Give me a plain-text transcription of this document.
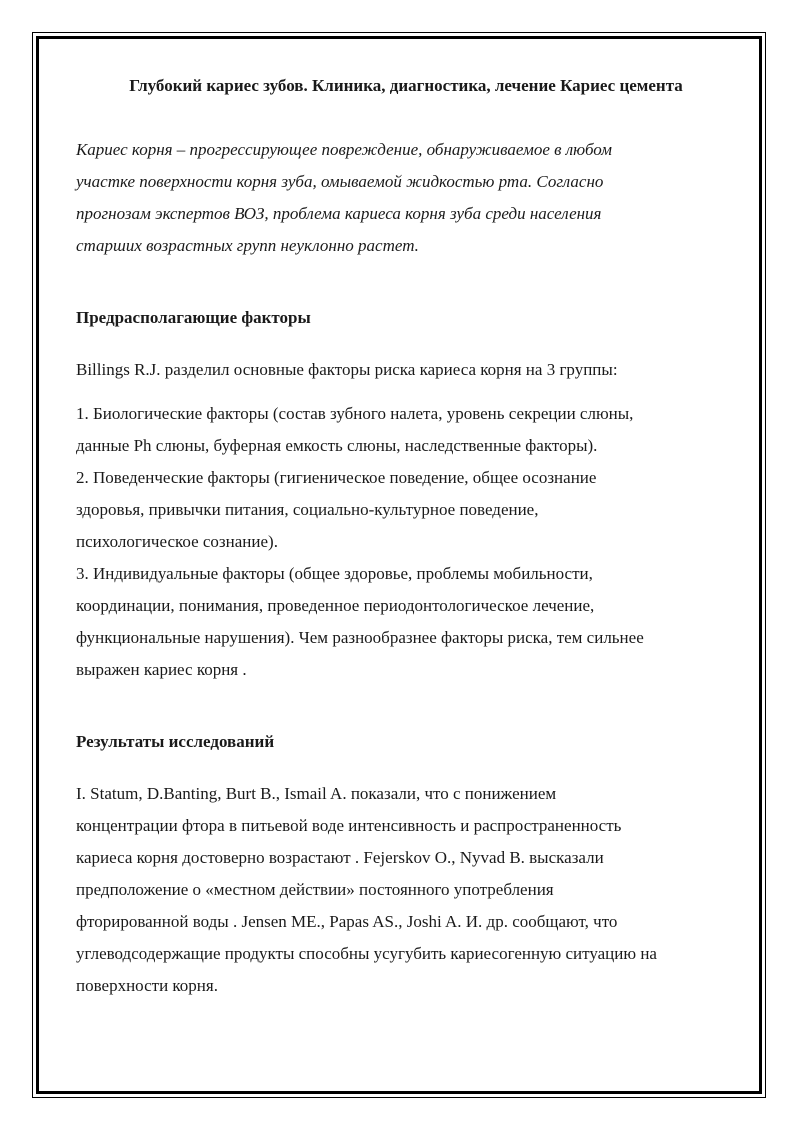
Глубокий кариес зубов. Клиника, диагностика, лечение Кариес цемента

Кариес корня – прогрессирующее повреждение, обнаруживаемое в любом
участке поверхности корня зуба, омываемой жидкостью рта. Согласно
прогнозам экспертов ВОЗ, проблема кариеса корня зуба среди населения
старших возрастных групп неуклонно растет.

Предрасполагающие факторы

Billings R.J. разделил основные факторы риска кариеса корня на 3 группы:

1. Биологические факторы (состав зубного налета, уровень секреции слюны,
данные Ph слюны, буферная емкость слюны, наследственные факторы).
2. Поведенческие факторы (гигиеническое поведение, общее осознание
здоровья, привычки питания, социально-культурное поведение,
психологическое сознание).
3. Индивидуальные факторы (общее здоровье, проблемы мобильности,
координации, понимания, проведенное периодонтологическое лечение,
функциональные нарушения). Чем разнообразнее факторы риска, тем сильнее
выражен кариес корня .

Результаты исследований

I. Statum, D.Banting, Burt B., Ismail A. показали, что с понижением
концентрации фтора в питьевой воде интенсивность и распространенность
кариеса корня достоверно возрастают . Fejerskov O., Nyvad B. высказали
предположение о «местном действии» постоянного употребления
фторированной воды . Jensen ME., Papas AS., Joshi A. И. др. сообщают, что
углеводсодержащие продукты способны усугубить кариесогенную ситуацию на
поверхности корня.
